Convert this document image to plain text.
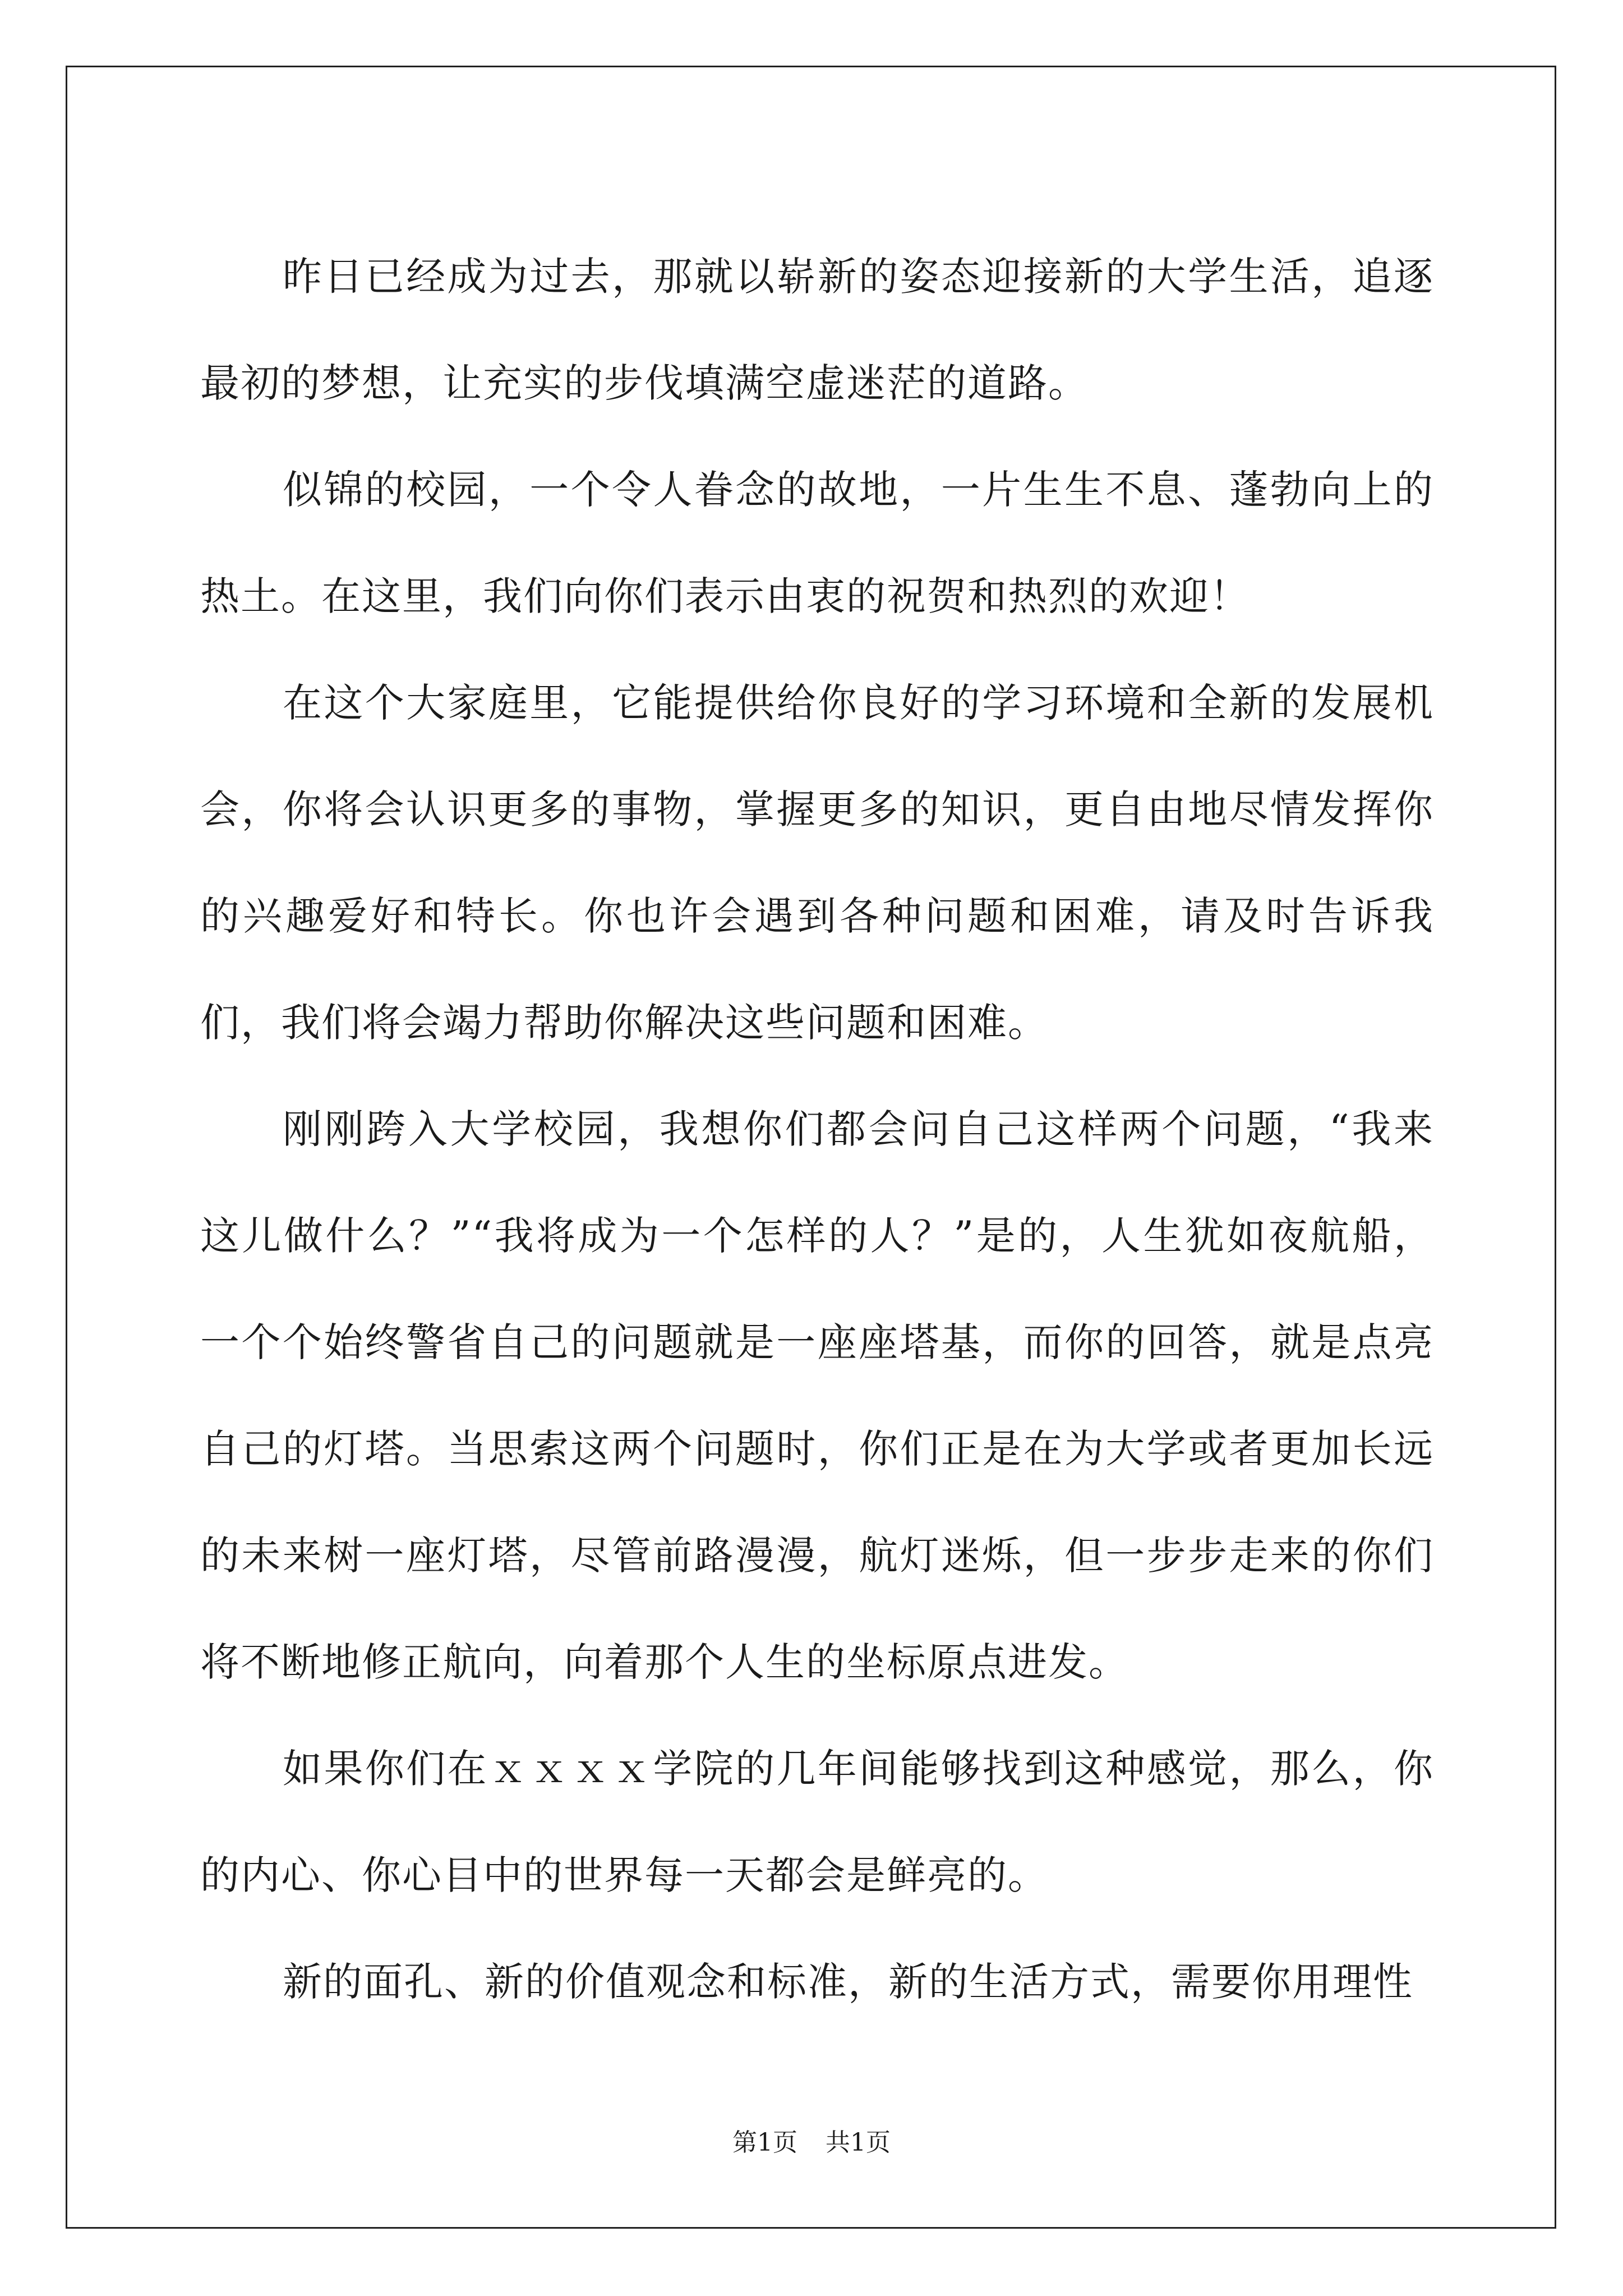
昨日已经成为过去，那就以崭新的姿态迎接新的大学生活，追逐最初的梦想，让充实的步伐填满空虚迷茫的道路。

似锦的校园，一个令人眷念的故地，一片生生不息、蓬勃向上的热土。在这里，我们向你们表示由衷的祝贺和热烈的欢迎！

在这个大家庭里，它能提供给你良好的学习环境和全新的发展机会，你将会认识更多的事物，掌握更多的知识，更自由地尽情发挥你的兴趣爱好和特长。你也许会遇到各种问题和困难，请及时告诉我们，我们将会竭力帮助你解决这些问题和困难。

刚刚跨入大学校园，我想你们都会问自己这样两个问题，“我来这儿做什么？”“我将成为一个怎样的人？”是的，人生犹如夜航船，一个个始终警省自己的问题就是一座座塔基，而你的回答，就是点亮自己的灯塔。当思索这两个问题时，你们正是在为大学或者更加长远的未来树一座灯塔，尽管前路漫漫，航灯迷烁，但一步步走来的你们将不断地修正航向，向着那个人生的坐标原点进发。

如果你们在ｘｘｘｘ学院的几年间能够找到这种感觉，那么，你的内心、你心目中的世界每一天都会是鲜亮的。

新的面孔、新的价值观念和标准，新的生活方式，需要你用理性

第1页 共1页
